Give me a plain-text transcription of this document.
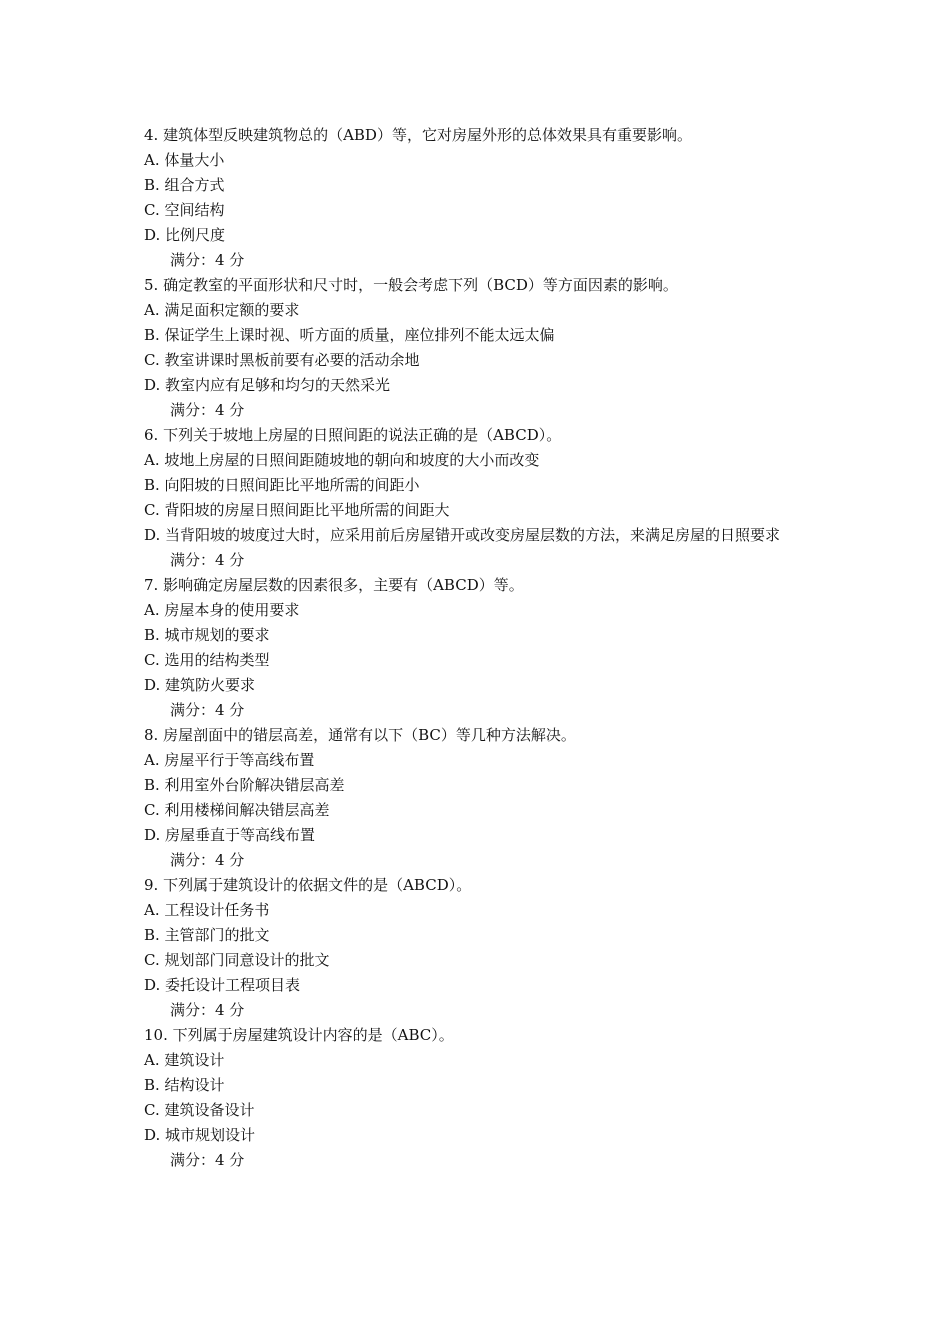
4. 建筑体型反映建筑物总的（ABD）等，它对房屋外形的总体效果具有重要影响。
A. 体量大小
B. 组合方式
C. 空间结构
D. 比例尺度
满分：4 分
5. 确定教室的平面形状和尺寸时，一般会考虑下列（BCD）等方面因素的影响。
A. 满足面积定额的要求
B. 保证学生上课时视、听方面的质量，座位排列不能太远太偏
C. 教室讲课时黑板前要有必要的活动余地
D. 教室内应有足够和均匀的天然采光
满分：4 分
6. 下列关于坡地上房屋的日照间距的说法正确的是（ABCD）。
A. 坡地上房屋的日照间距随坡地的朝向和坡度的大小而改变
B. 向阳坡的日照间距比平地所需的间距小
C. 背阳坡的房屋日照间距比平地所需的间距大
D. 当背阳坡的坡度过大时，应采用前后房屋错开或改变房屋层数的方法，来满足房屋的日照要求
满分：4 分
7. 影响确定房屋层数的因素很多，主要有（ABCD）等。
A. 房屋本身的使用要求
B. 城市规划的要求
C. 选用的结构类型
D. 建筑防火要求
满分：4 分
8. 房屋剖面中的错层高差，通常有以下（BC）等几种方法解决。
A. 房屋平行于等高线布置
B. 利用室外台阶解决错层高差
C. 利用楼梯间解决错层高差
D. 房屋垂直于等高线布置
满分：4 分
9. 下列属于建筑设计的依据文件的是（ABCD）。
A. 工程设计任务书
B. 主管部门的批文
C. 规划部门同意设计的批文
D. 委托设计工程项目表
满分：4 分
10. 下列属于房屋建筑设计内容的是（ABC）。
A. 建筑设计
B. 结构设计
C. 建筑设备设计
D. 城市规划设计
满分：4 分
